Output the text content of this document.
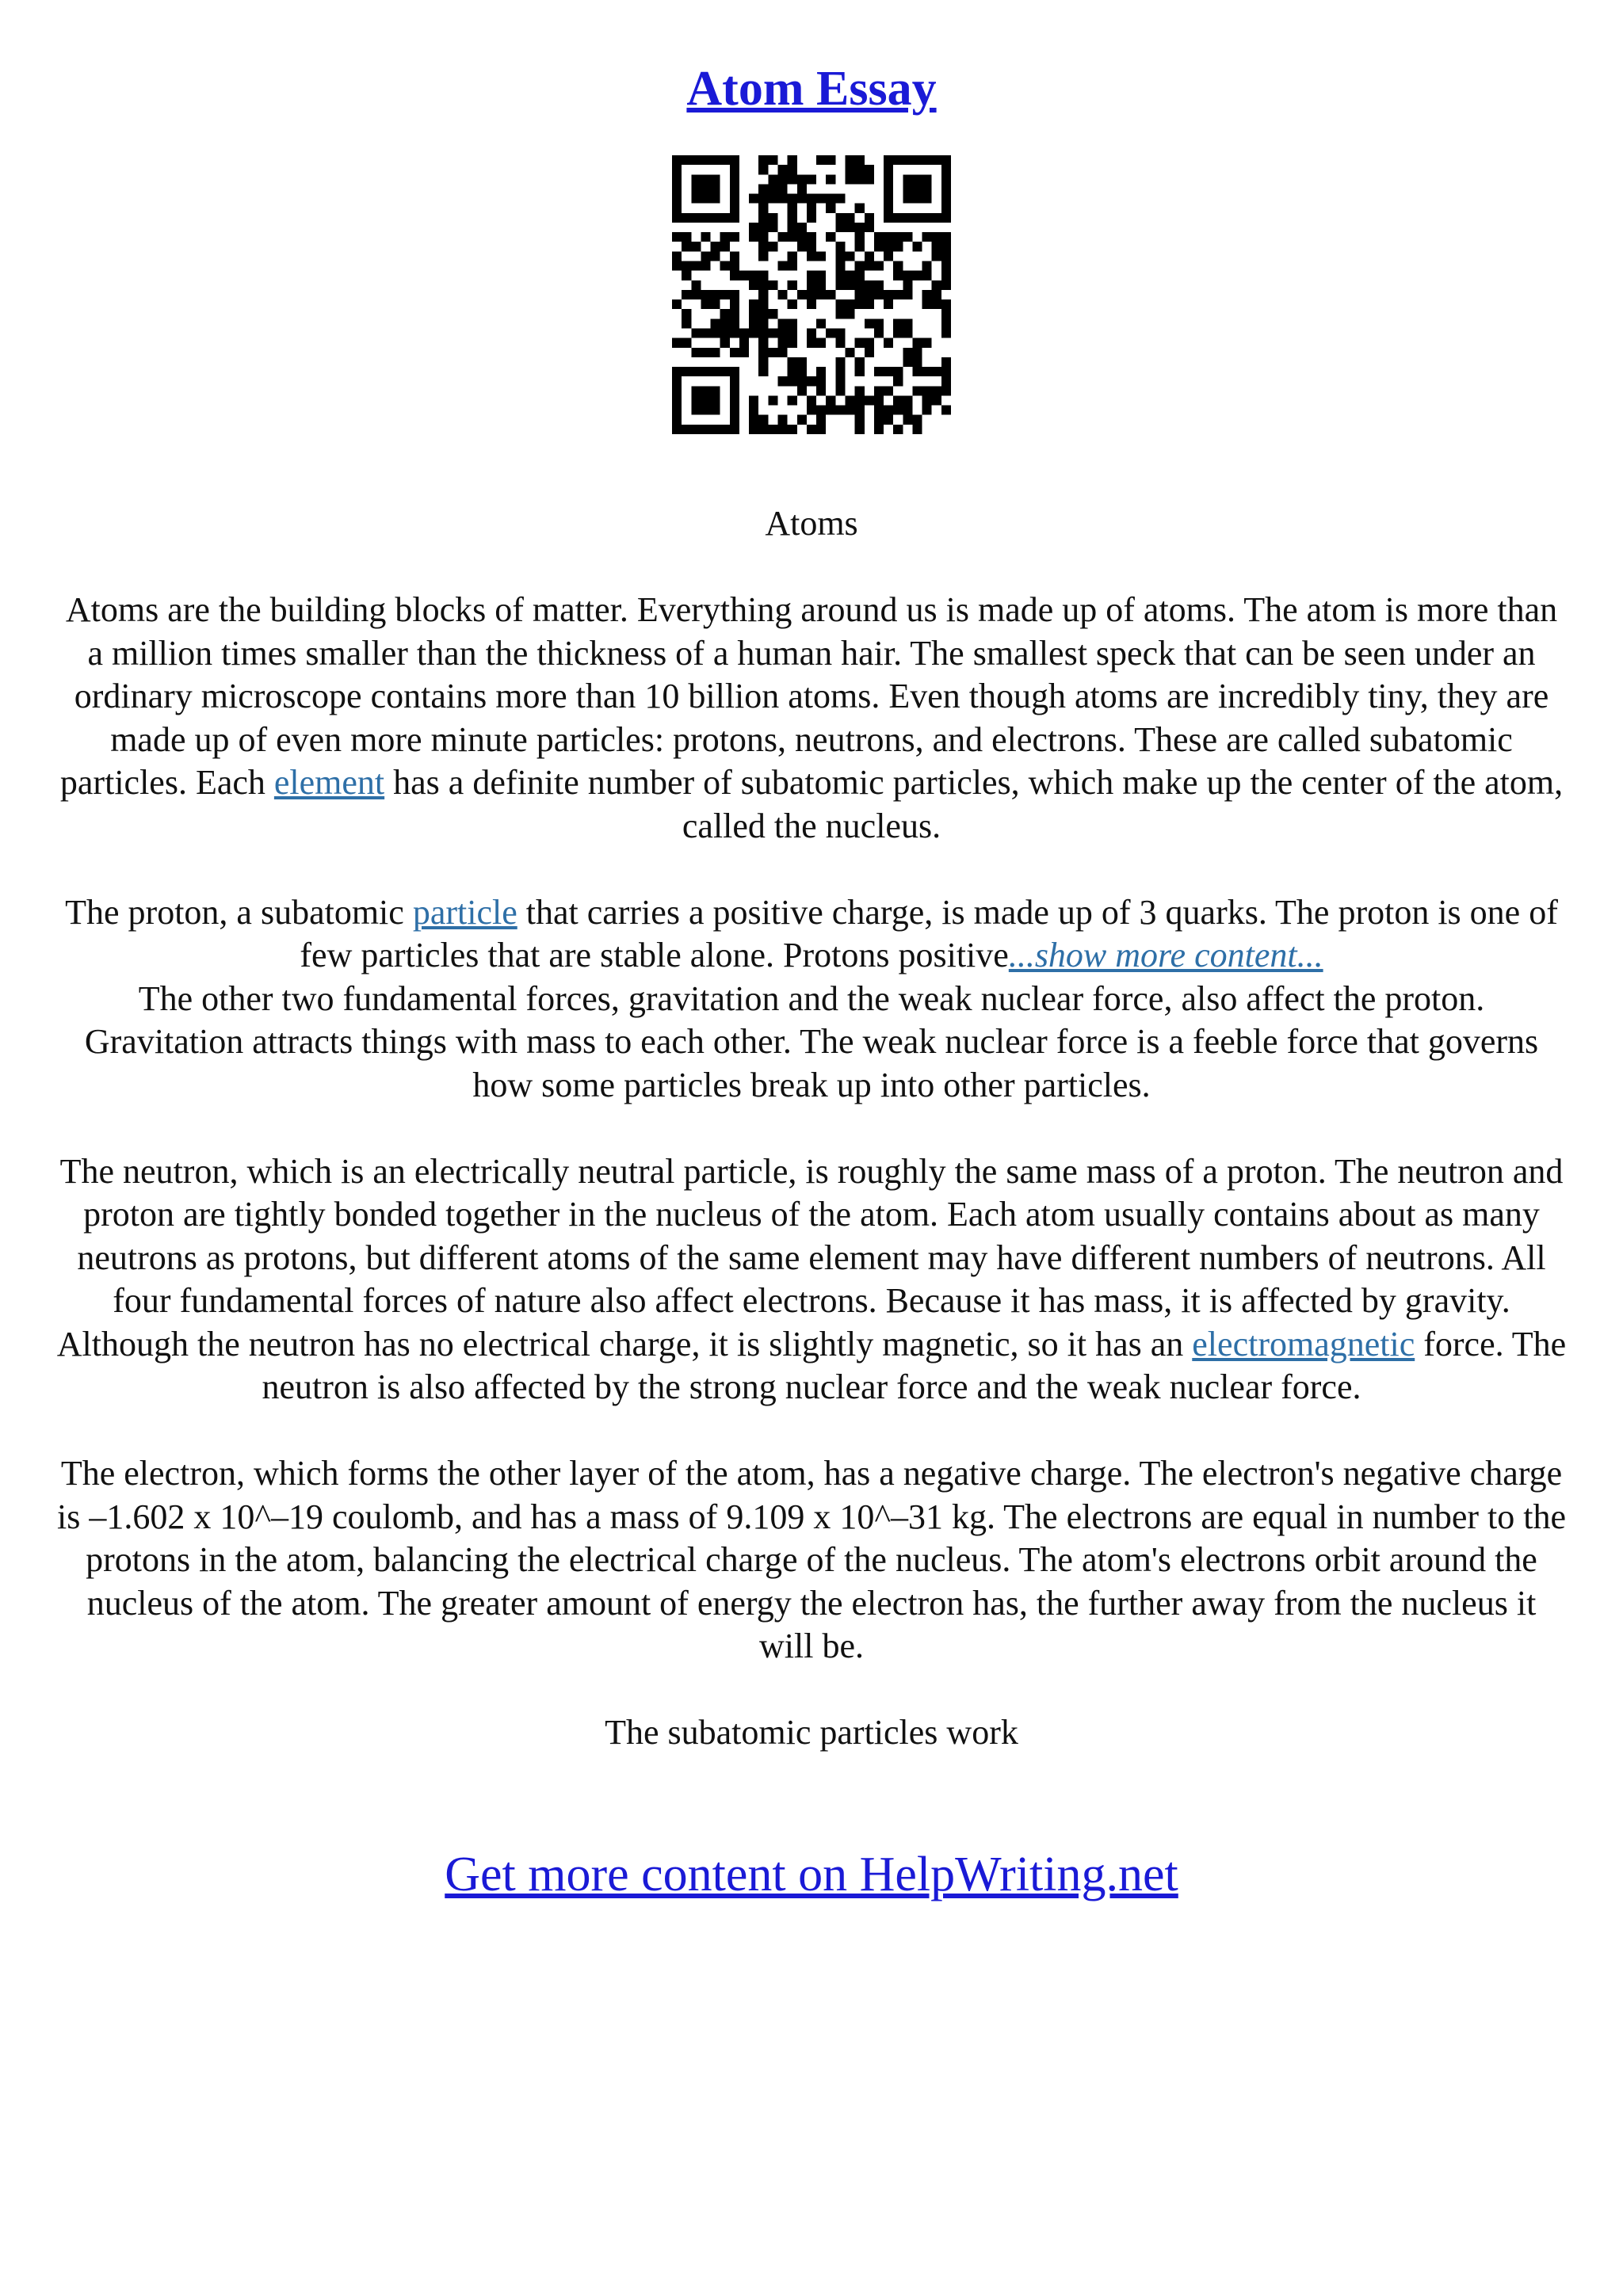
Atom Essay

Atoms

Atoms are the building blocks of matter. Everything around us is made up of atoms. The atom is more than a million times smaller than the thickness of a human hair. The smallest speck that can be seen under an ordinary microscope contains more than 10 billion atoms. Even though atoms are incredibly tiny, they are made up of even more minute particles: protons, neutrons, and electrons. These are called subatomic particles. Each element has a definite number of subatomic particles, which make up the center of the atom, called the nucleus.

The proton, a subatomic particle that carries a positive charge, is made up of 3 quarks. The proton is one of few particles that are stable alone. Protons positive...show more content...

The other two fundamental forces, gravitation and the weak nuclear force, also affect the proton. Gravitation attracts things with mass to each other. The weak nuclear force is a feeble force that governs how some particles break up into other particles.

The neutron, which is an electrically neutral particle, is roughly the same mass of a proton. The neutron and proton are tightly bonded together in the nucleus of the atom. Each atom usually contains about as many neutrons as protons, but different atoms of the same element may have different numbers of neutrons. All four fundamental forces of nature also affect electrons. Because it has mass, it is affected by gravity. Although the neutron has no electrical charge, it is slightly magnetic, so it has an electromagnetic force. The neutron is also affected by the strong nuclear force and the weak nuclear force.

The electron, which forms the other layer of the atom, has a negative charge. The electron's negative charge is –1.602 x 10^–19 coulomb, and has a mass of 9.109 x 10^–31 kg. The electrons are equal in number to the protons in the atom, balancing the electrical charge of the nucleus. The atom's electrons orbit around the nucleus of the atom. The greater amount of energy the electron has, the further away from the nucleus it will be.

The subatomic particles work

Get more content on HelpWriting.net
